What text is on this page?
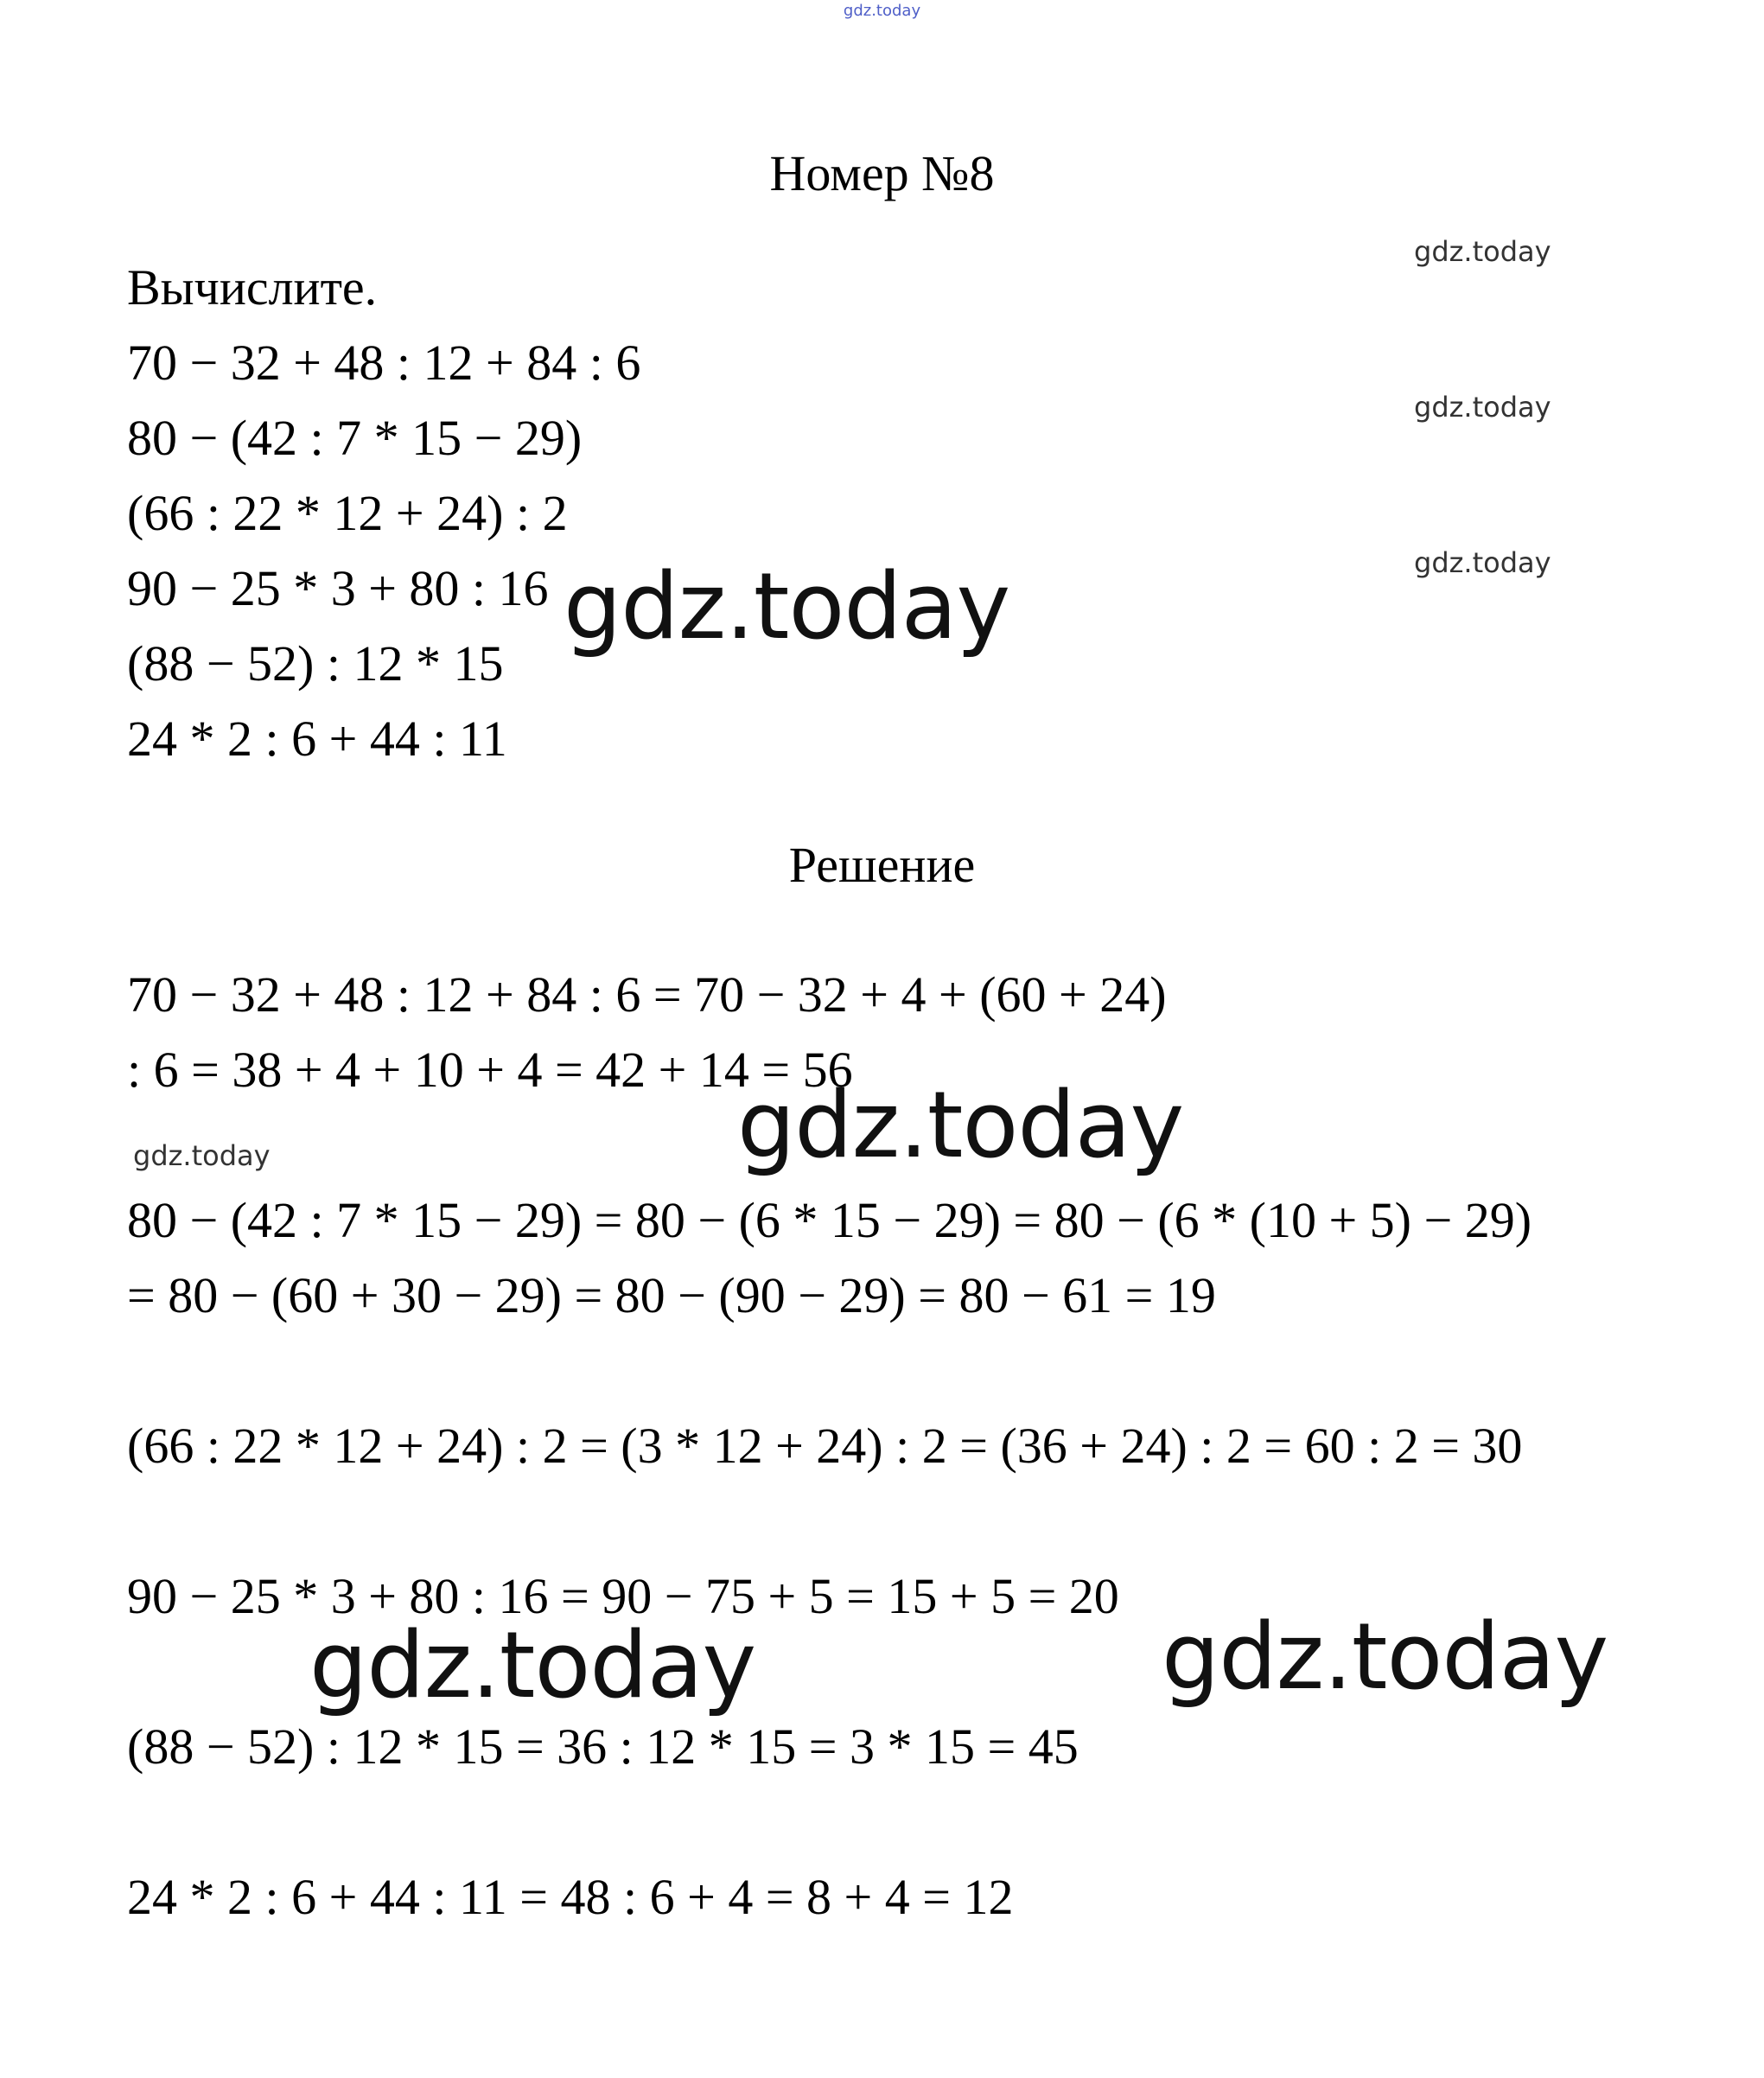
gdz.today
Номер №8
Вычислите.
70 − 32 + 48 : 12 + 84 : 6
80 − (42 : 7 * 15 − 29)
(66 : 22 * 12 + 24) : 2
90 − 25 * 3 + 80 : 16
(88 − 52) : 12 * 15
24 * 2 : 6 + 44 : 11
Решение
70 − 32 + 48 : 12 + 84 : 6 = 70 − 32 + 4 + (60 + 24)
: 6 = 38 + 4 + 10 + 4 = 42 + 14 = 56
80 − (42 : 7 * 15 − 29) = 80 − (6 * 15 − 29) = 80 − (6 * (10 + 5) − 29)
= 80 − (60 + 30 − 29) = 80 − (90 − 29) = 80 − 61 = 19
(66 : 22 * 12 + 24) : 2 = (3 * 12 + 24) : 2 = (36 + 24) : 2 = 60 : 2 = 30
90 − 25 * 3 + 80 : 16 = 90 − 75 + 5 = 15 + 5 = 20
(88 − 52) : 12 * 15 = 36 : 12 * 15 = 3 * 15 = 45
24 * 2 : 6 + 44 : 11 = 48 : 6 + 4 = 8 + 4 = 12
gdz.today
gdz.today
gdz.today
gdz.today
gdz.today
gdz.today
gdz.today	gdz.today
